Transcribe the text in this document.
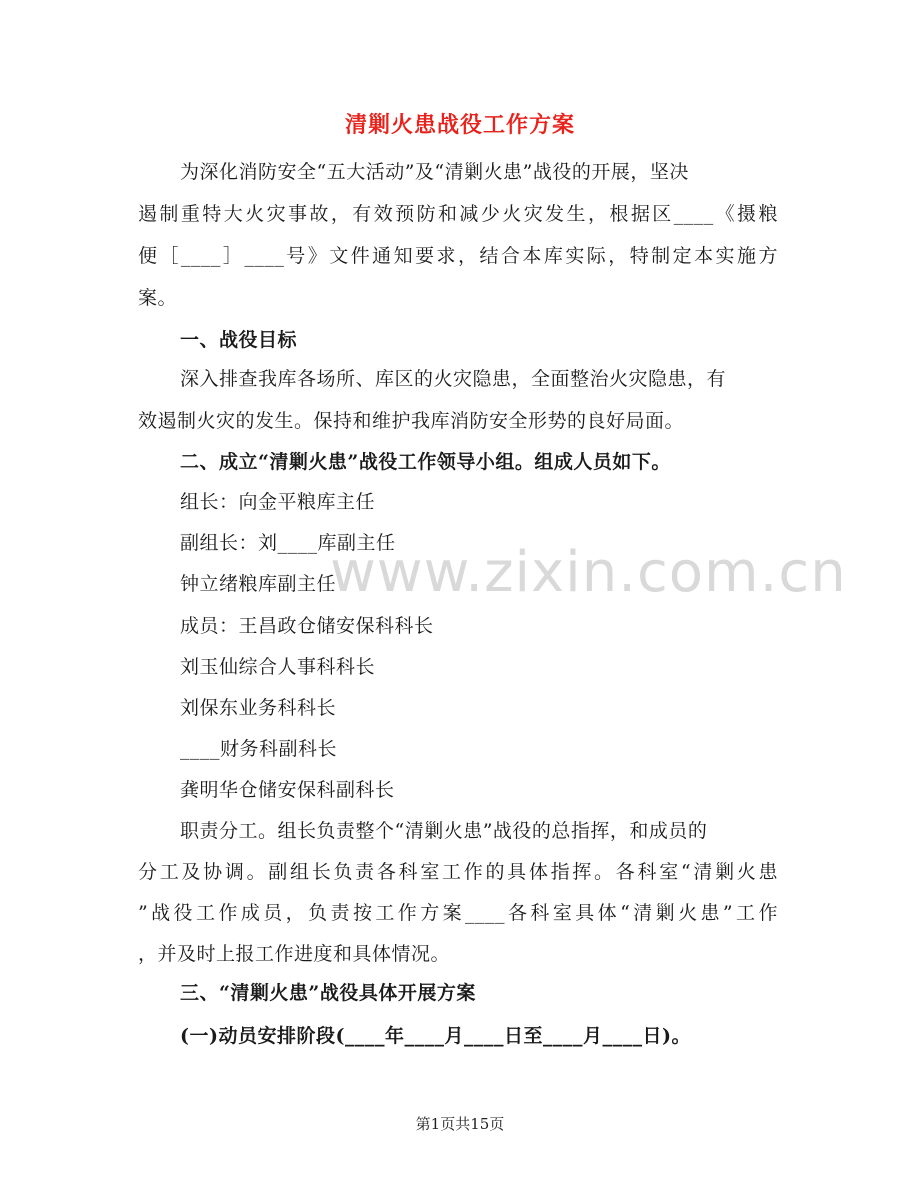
清剿火患战役工作方案
为深化消防安全“五大活动”及“清剿火患”战役的开展，坚决
遏制重特大火灾事故，有效预防和减少火灾发生，根据区____《摄粮
便［____］____号》文件通知要求，结合本库实际，特制定本实施方
案。
一、战役目标
深入排查我库各场所、库区的火灾隐患，全面整治火灾隐患，有
效遏制火灾的发生。保持和维护我库消防安全形势的良好局面。
二、成立“清剿火患”战役工作领导小组。组成人员如下。
组长：向金平粮库主任
副组长：刘____库副主任
钟立绪粮库副主任
成员：王昌政仓储安保科科长
刘玉仙综合人事科科长
刘保东业务科科长
____财务科副科长
龚明华仓储安保科副科长
职责分工。组长负责整个“清剿火患”战役的总指挥，和成员的
分工及协调。副组长负责各科室工作的具体指挥。各科室“清剿火患
”战役工作成员，负责按工作方案____各科室具体“清剿火患”工作
，并及时上报工作进度和具体情况。
三、“清剿火患”战役具体开展方案
(一)动员安排阶段(____年____月____日至____月____日)。
www.zixin.com.cn
第1页共15页
